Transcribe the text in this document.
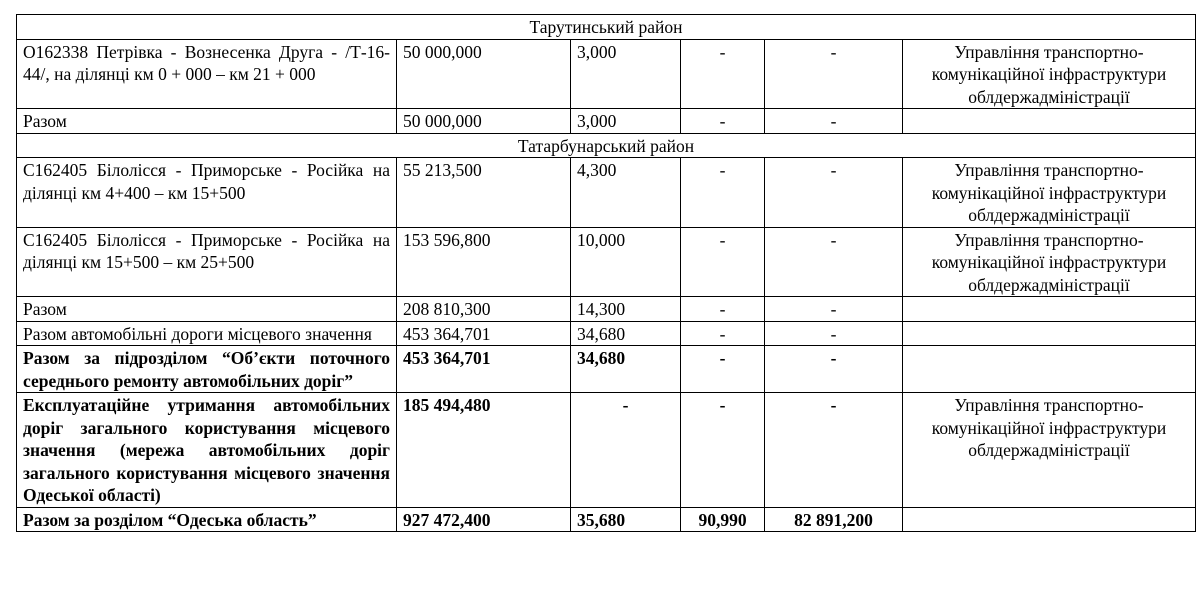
Тарутинський район					
О162338 Петрівка - Вознесенка Друга - /Т-16-44/, на ділянці км 0 + 000 – км 21 + 000	50 000,000	3,000	-	-	Управління транспортно-комунікаційної інфраструктури облдержадміністрації
Разом	50 000,000	3,000	-	-	
Татарбунарський район					
С162405 Білолісся - Приморське - Російка на ділянці км 4+400 – км 15+500	55 213,500	4,300	-	-	Управління транспортно-комунікаційної інфраструктури облдержадміністрації
С162405 Білолісся - Приморське - Російка на ділянці км 15+500 – км 25+500	153 596,800	10,000	-	-	Управління транспортно-комунікаційної інфраструктури облдержадміністрації
Разом	208 810,300	14,300	-	-	
Разом автомобільні дороги місцевого значення	453 364,701	34,680	-	-	
Разом за підрозділом “Об’єкти поточного середнього ремонту автомобільних доріг”	453 364,701	34,680	-	-	
Експлуатаційне утримання автомобільних доріг загального користування місцевого значення (мережа автомобільних доріг загального користування місцевого значення Одеської області)	185 494,480	-	-	-	Управління транспортно-комунікаційної інфраструктури облдержадміністрації
Разом за розділом “Одеська область”	927 472,400	35,680	90,990	82 891,200	
